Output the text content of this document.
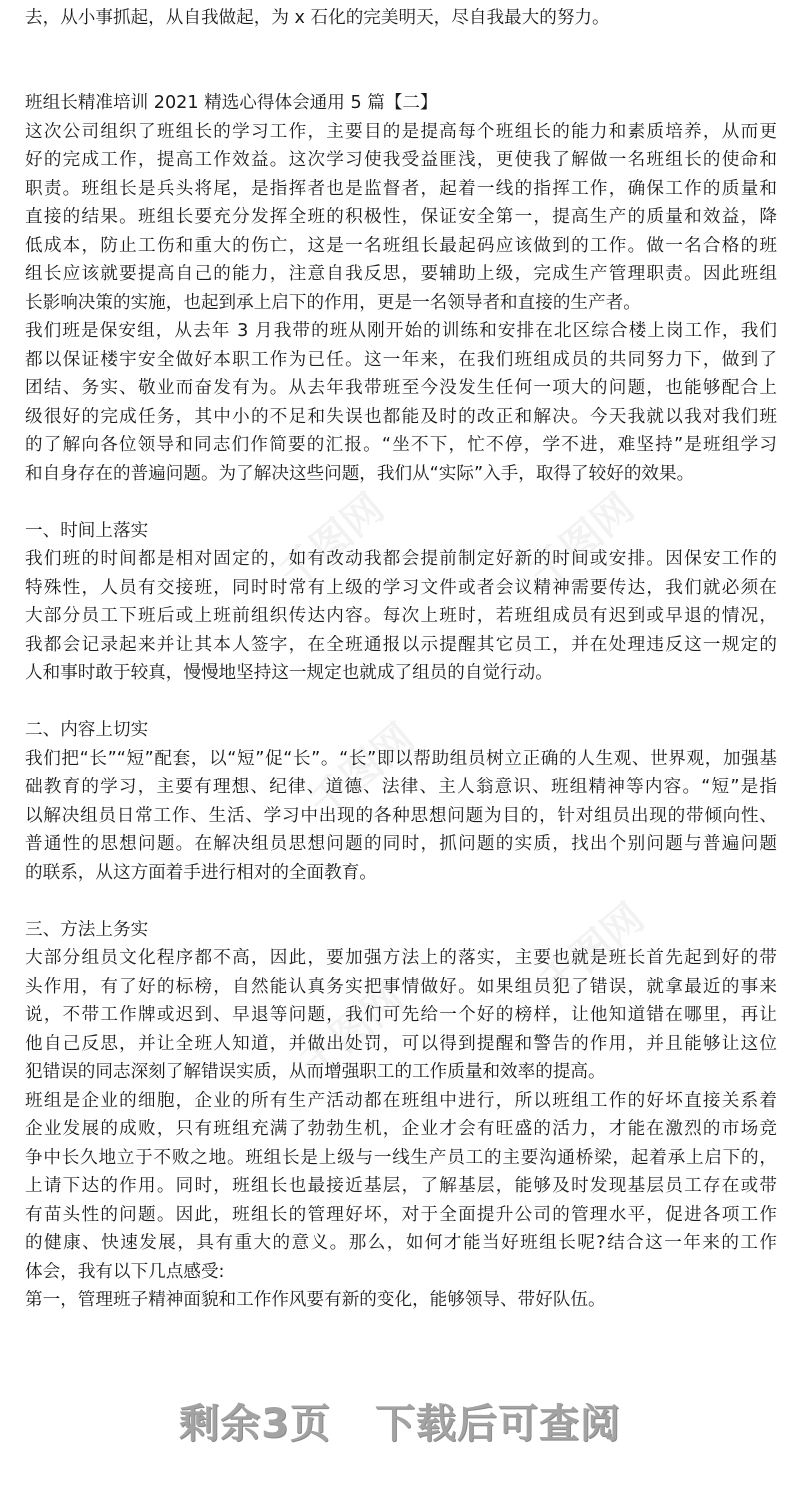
千图网	千图网
千图网
千图网
千图网
去，从小事抓起，从自我做起，为 x 石化的完美明天，尽自我最大的努力。
班组长精准培训 2021 精选心得体会通用 5 篇【二】
这次公司组织了班组长的学习工作，主要目的是提高每个班组长的能力和素质培养，从而更
好的完成工作，提高工作效益。这次学习使我受益匪浅，更使我了解做一名班组长的使命和
职责。班组长是兵头将尾，是指挥者也是监督者，起着一线的指挥工作，确保工作的质量和
直接的结果。班组长要充分发挥全班的积极性，保证安全第一，提高生产的质量和效益，降
低成本，防止工伤和重大的伤亡，这是一名班组长最起码应该做到的工作。做一名合格的班
组长应该就要提高自己的能力，注意自我反思，要辅助上级，完成生产管理职责。因此班组
长影响决策的实施，也起到承上启下的作用，更是一名领导者和直接的生产者。
我们班是保安组，从去年 3 月我带的班从刚开始的训练和安排在北区综合楼上岗工作，我们
都以保证楼宇安全做好本职工作为已任。这一年来，在我们班组成员的共同努力下，做到了
团结、务实、敬业而奋发有为。从去年我带班至今没发生任何一项大的问题，也能够配合上
级很好的完成任务，其中小的不足和失误也都能及时的改正和解决。今天我就以我对我们班
的了解向各位领导和同志们作简要的汇报。“坐不下，忙不停，学不进，难坚持”是班组学习
和自身存在的普遍问题。为了解决这些问题，我们从“实际”入手，取得了较好的效果。
一、时间上落实
我们班的时间都是相对固定的，如有改动我都会提前制定好新的时间或安排。因保安工作的
特殊性，人员有交接班，同时时常有上级的学习文件或者会议精神需要传达，我们就必须在
大部分员工下班后或上班前组织传达内容。每次上班时，若班组成员有迟到或早退的情况，
我都会记录起来并让其本人签字，在全班通报以示提醒其它员工，并在处理违反这一规定的
人和事时敢于较真，慢慢地坚持这一规定也就成了组员的自觉行动。
二、内容上切实
我们把“长”“短”配套，以“短”促“长”。“长”即以帮助组员树立正确的人生观、世界观，加强基
础教育的学习，主要有理想、纪律、道德、法律、主人翁意识、班组精神等内容。“短”是指
以解决组员日常工作、生活、学习中出现的各种思想问题为目的，针对组员出现的带倾向性、
普通性的思想问题。在解决组员思想问题的同时，抓问题的实质，找出个别问题与普遍问题
的联系，从这方面着手进行相对的全面教育。
三、方法上务实
大部分组员文化程序都不高，因此，要加强方法上的落实，主要也就是班长首先起到好的带
头作用，有了好的标榜，自然能认真务实把事情做好。如果组员犯了错误，就拿最近的事来
说，不带工作牌或迟到、早退等问题，我们可先给一个好的榜样，让他知道错在哪里，再让
他自己反思，并让全班人知道，并做出处罚，可以得到提醒和警告的作用，并且能够让这位
犯错误的同志深刻了解错误实质，从而增强职工的工作质量和效率的提高。
班组是企业的细胞，企业的所有生产活动都在班组中进行，所以班组工作的好坏直接关系着
企业发展的成败，只有班组充满了勃勃生机，企业才会有旺盛的活力，才能在激烈的市场竞
争中长久地立于不败之地。班组长是上级与一线生产员工的主要沟通桥梁，起着承上启下的，
上请下达的作用。同时，班组长也最接近基层，了解基层，能够及时发现基层员工存在或带
有苗头性的问题。因此，班组长的管理好坏，对于全面提升公司的管理水平，促进各项工作
的健康、快速发展，具有重大的意义。那么，如何才能当好班组长呢?结合这一年来的工作
体会，我有以下几点感受:
第一，管理班子精神面貌和工作作风要有新的变化，能够领导、带好队伍。
剩余3页 下载后可查阅
